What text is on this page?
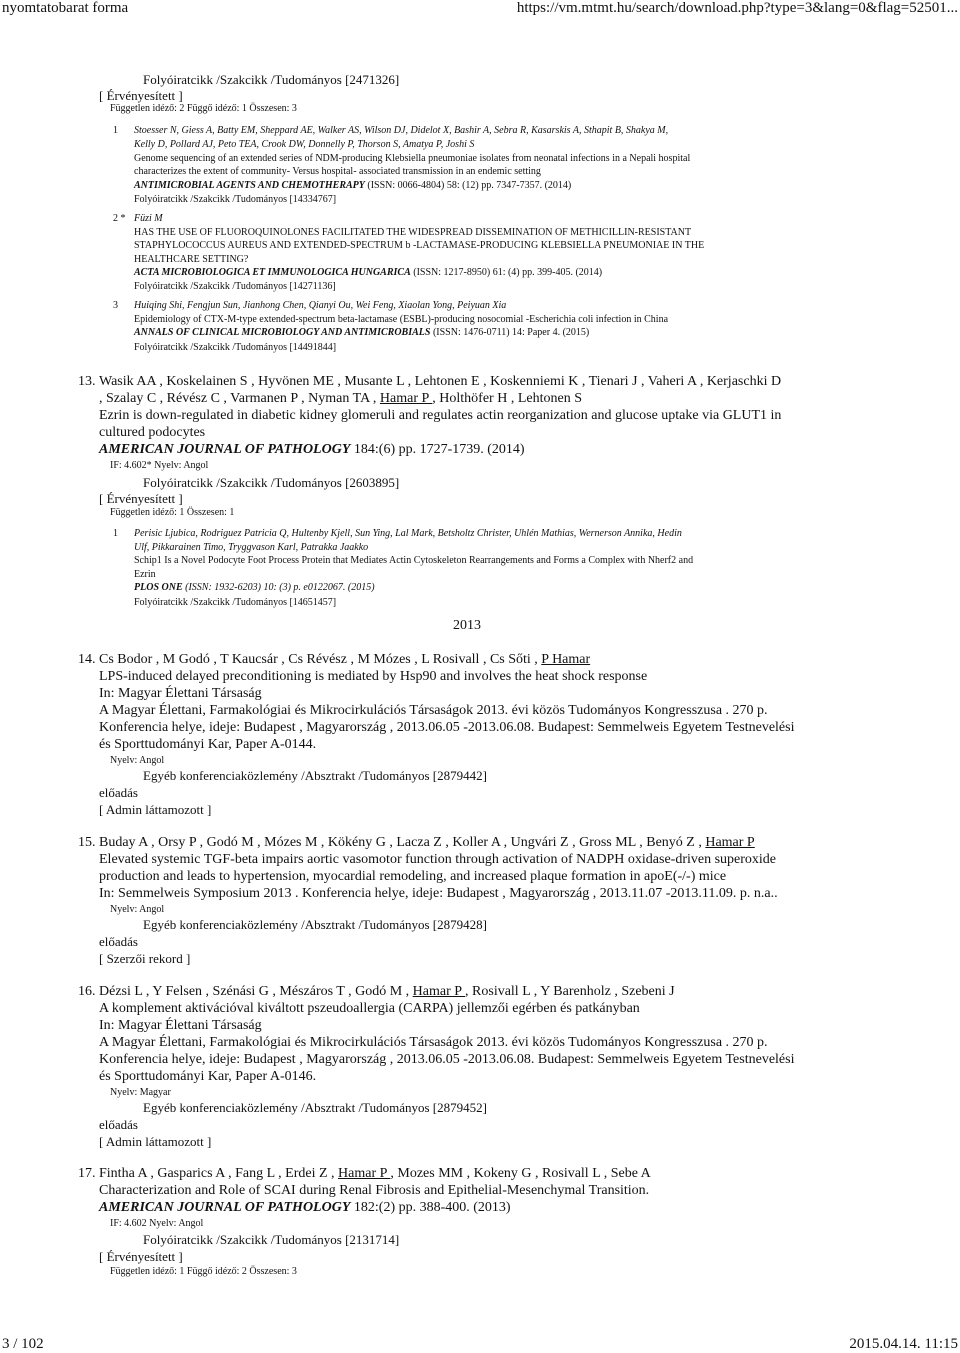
nyomtatobarat forma	https://vm.mtmt.hu/search/download.php?type=3&lang=0&flag=52501...
3 / 102	2015.04.14. 11:15
Folyóiratcikk /Szakcikk /Tudományos [2471326]
[ Érvényesített ]
Független idéző: 2 Függő idéző: 1 Összesen: 3
1 Stoesser N, Giess A, Batty EM, Sheppard AE, Walker AS, Wilson DJ, Didelot X, Bashir A, Sebra R, Kasarskis A, Sthapit B, Shakya M,
Kelly D, Pollard AJ, Peto TEA, Crook DW, Donnelly P, Thorson S, Amatya P, Joshi S
Genome sequencing of an extended series of NDM-producing Klebsiella pneumoniae isolates from neonatal infections in a Nepali hospital
characterizes the extent of community- Versus hospital- associated transmission in an endemic setting
ANTIMICROBIAL AGENTS AND CHEMOTHERAPY (ISSN: 0066-4804) 58: (12) pp. 7347-7357. (2014)
Folyóiratcikk /Szakcikk /Tudományos [14334767]
2 * Füzi M
HAS THE USE OF FLUOROQUINOLONES FACILITATED THE WIDESPREAD DISSEMINATION OF METHICILLIN-RESISTANT
STAPHYLOCOCCUS AUREUS AND EXTENDED-SPECTRUM b -LACTAMASE-PRODUCING KLEBSIELLA PNEUMONIAE IN THE
HEALTHCARE SETTING?
ACTA MICROBIOLOGICA ET IMMUNOLOGICA HUNGARICA (ISSN: 1217-8950) 61: (4) pp. 399-405. (2014)
Folyóiratcikk /Szakcikk /Tudományos [14271136]
3 Huiqing Shi, Fengjun Sun, Jianhong Chen, Qianyi Ou, Wei Feng, Xiaolan Yong, Peiyuan Xia
Epidemiology of CTX-M-type extended-spectrum beta-lactamase (ESBL)-producing nosocomial -Escherichia coli infection in China
ANNALS OF CLINICAL MICROBIOLOGY AND ANTIMICROBIALS (ISSN: 1476-0711) 14: Paper 4. (2015)
Folyóiratcikk /Szakcikk /Tudományos [14491844]
13. Wasik AA , Koskelainen S , Hyvönen ME , Musante L , Lehtonen E , Koskenniemi K , Tienari J , Vaheri A , Kerjaschki D
, Szalay C , Révész C , Varmanen P , Nyman TA , Hamar P , Holthöfer H , Lehtonen S
Ezrin is down-regulated in diabetic kidney glomeruli and regulates actin reorganization and glucose uptake via GLUT1 in
cultured podocytes
AMERICAN JOURNAL OF PATHOLOGY 184:(6) pp. 1727-1739. (2014)
IF: 4.602* Nyelv: Angol
Folyóiratcikk /Szakcikk /Tudományos [2603895]
[ Érvényesített ]
Független idéző: 1 Összesen: 1
1 Perisic Ljubica, Rodriguez Patricia Q, Hultenby Kjell, Sun Ying, Lal Mark, Betsholtz Christer, Uhlén Mathias, Wernerson Annika, Hedin
Ulf, Pikkarainen Timo, Tryggvason Karl, Patrakka Jaakko
Schip1 Is a Novel Podocyte Foot Process Protein that Mediates Actin Cytoskeleton Rearrangements and Forms a Complex with Nherf2 and
Ezrin
PLOS ONE (ISSN: 1932-6203) 10: (3) p. e0122067. (2015)
Folyóiratcikk /Szakcikk /Tudományos [14651457]
2013
14. Cs Bodor , M Godó , T Kaucsár , Cs Révész , M Mózes , L Rosivall , Cs Sőti , P Hamar
LPS-induced delayed preconditioning is mediated by Hsp90 and involves the heat shock response
In: Magyar Élettani Társaság
A Magyar Élettani, Farmakológiai és Mikrocirkulációs Társaságok 2013. évi közös Tudományos Kongresszusa . 270 p.
Konferencia helye, ideje: Budapest , Magyarország , 2013.06.05 -2013.06.08. Budapest: Semmelweis Egyetem Testnevelési
és Sporttudományi Kar, Paper A-0144.
Nyelv: Angol
Egyéb konferenciaközlemény /Absztrakt /Tudományos [2879442]
előadás
[ Admin láttamozott ]
15. Buday A , Orsy P , Godó M , Mózes M , Kökény G , Lacza Z , Koller A , Ungvári Z , Gross ML , Benyó Z , Hamar P
Elevated systemic TGF-beta impairs aortic vasomotor function through activation of NADPH oxidase-driven superoxide
production and leads to hypertension, myocardial remodeling, and increased plaque formation in apoE(-/-) mice
In: Semmelweis Symposium 2013 . Konferencia helye, ideje: Budapest , Magyarország , 2013.11.07 -2013.11.09. p. n.a..
Nyelv: Angol
Egyéb konferenciaközlemény /Absztrakt /Tudományos [2879428]
előadás
[ Szerzői rekord ]
16. Dézsi L , Y Felsen , Szénási G , Mészáros T , Godó M , Hamar P , Rosivall L , Y Barenholz , Szebeni J
A komplement aktivációval kiváltott pszeudoallergia (CARPA) jellemzői egérben és patkányban
In: Magyar Élettani Társaság
A Magyar Élettani, Farmakológiai és Mikrocirkulációs Társaságok 2013. évi közös Tudományos Kongresszusa . 270 p.
Konferencia helye, ideje: Budapest , Magyarország , 2013.06.05 -2013.06.08. Budapest: Semmelweis Egyetem Testnevelési
és Sporttudományi Kar, Paper A-0146.
Nyelv: Magyar
Egyéb konferenciaközlemény /Absztrakt /Tudományos [2879452]
előadás
[ Admin láttamozott ]
17. Fintha A , Gasparics A , Fang L , Erdei Z , Hamar P , Mozes MM , Kokeny G , Rosivall L , Sebe A
Characterization and Role of SCAI during Renal Fibrosis and Epithelial-Mesenchymal Transition.
AMERICAN JOURNAL OF PATHOLOGY 182:(2) pp. 388-400. (2013)
IF: 4.602 Nyelv: Angol
Folyóiratcikk /Szakcikk /Tudományos [2131714]
[ Érvényesített ]
Független idéző: 1 Függő idéző: 2 Összesen: 3
